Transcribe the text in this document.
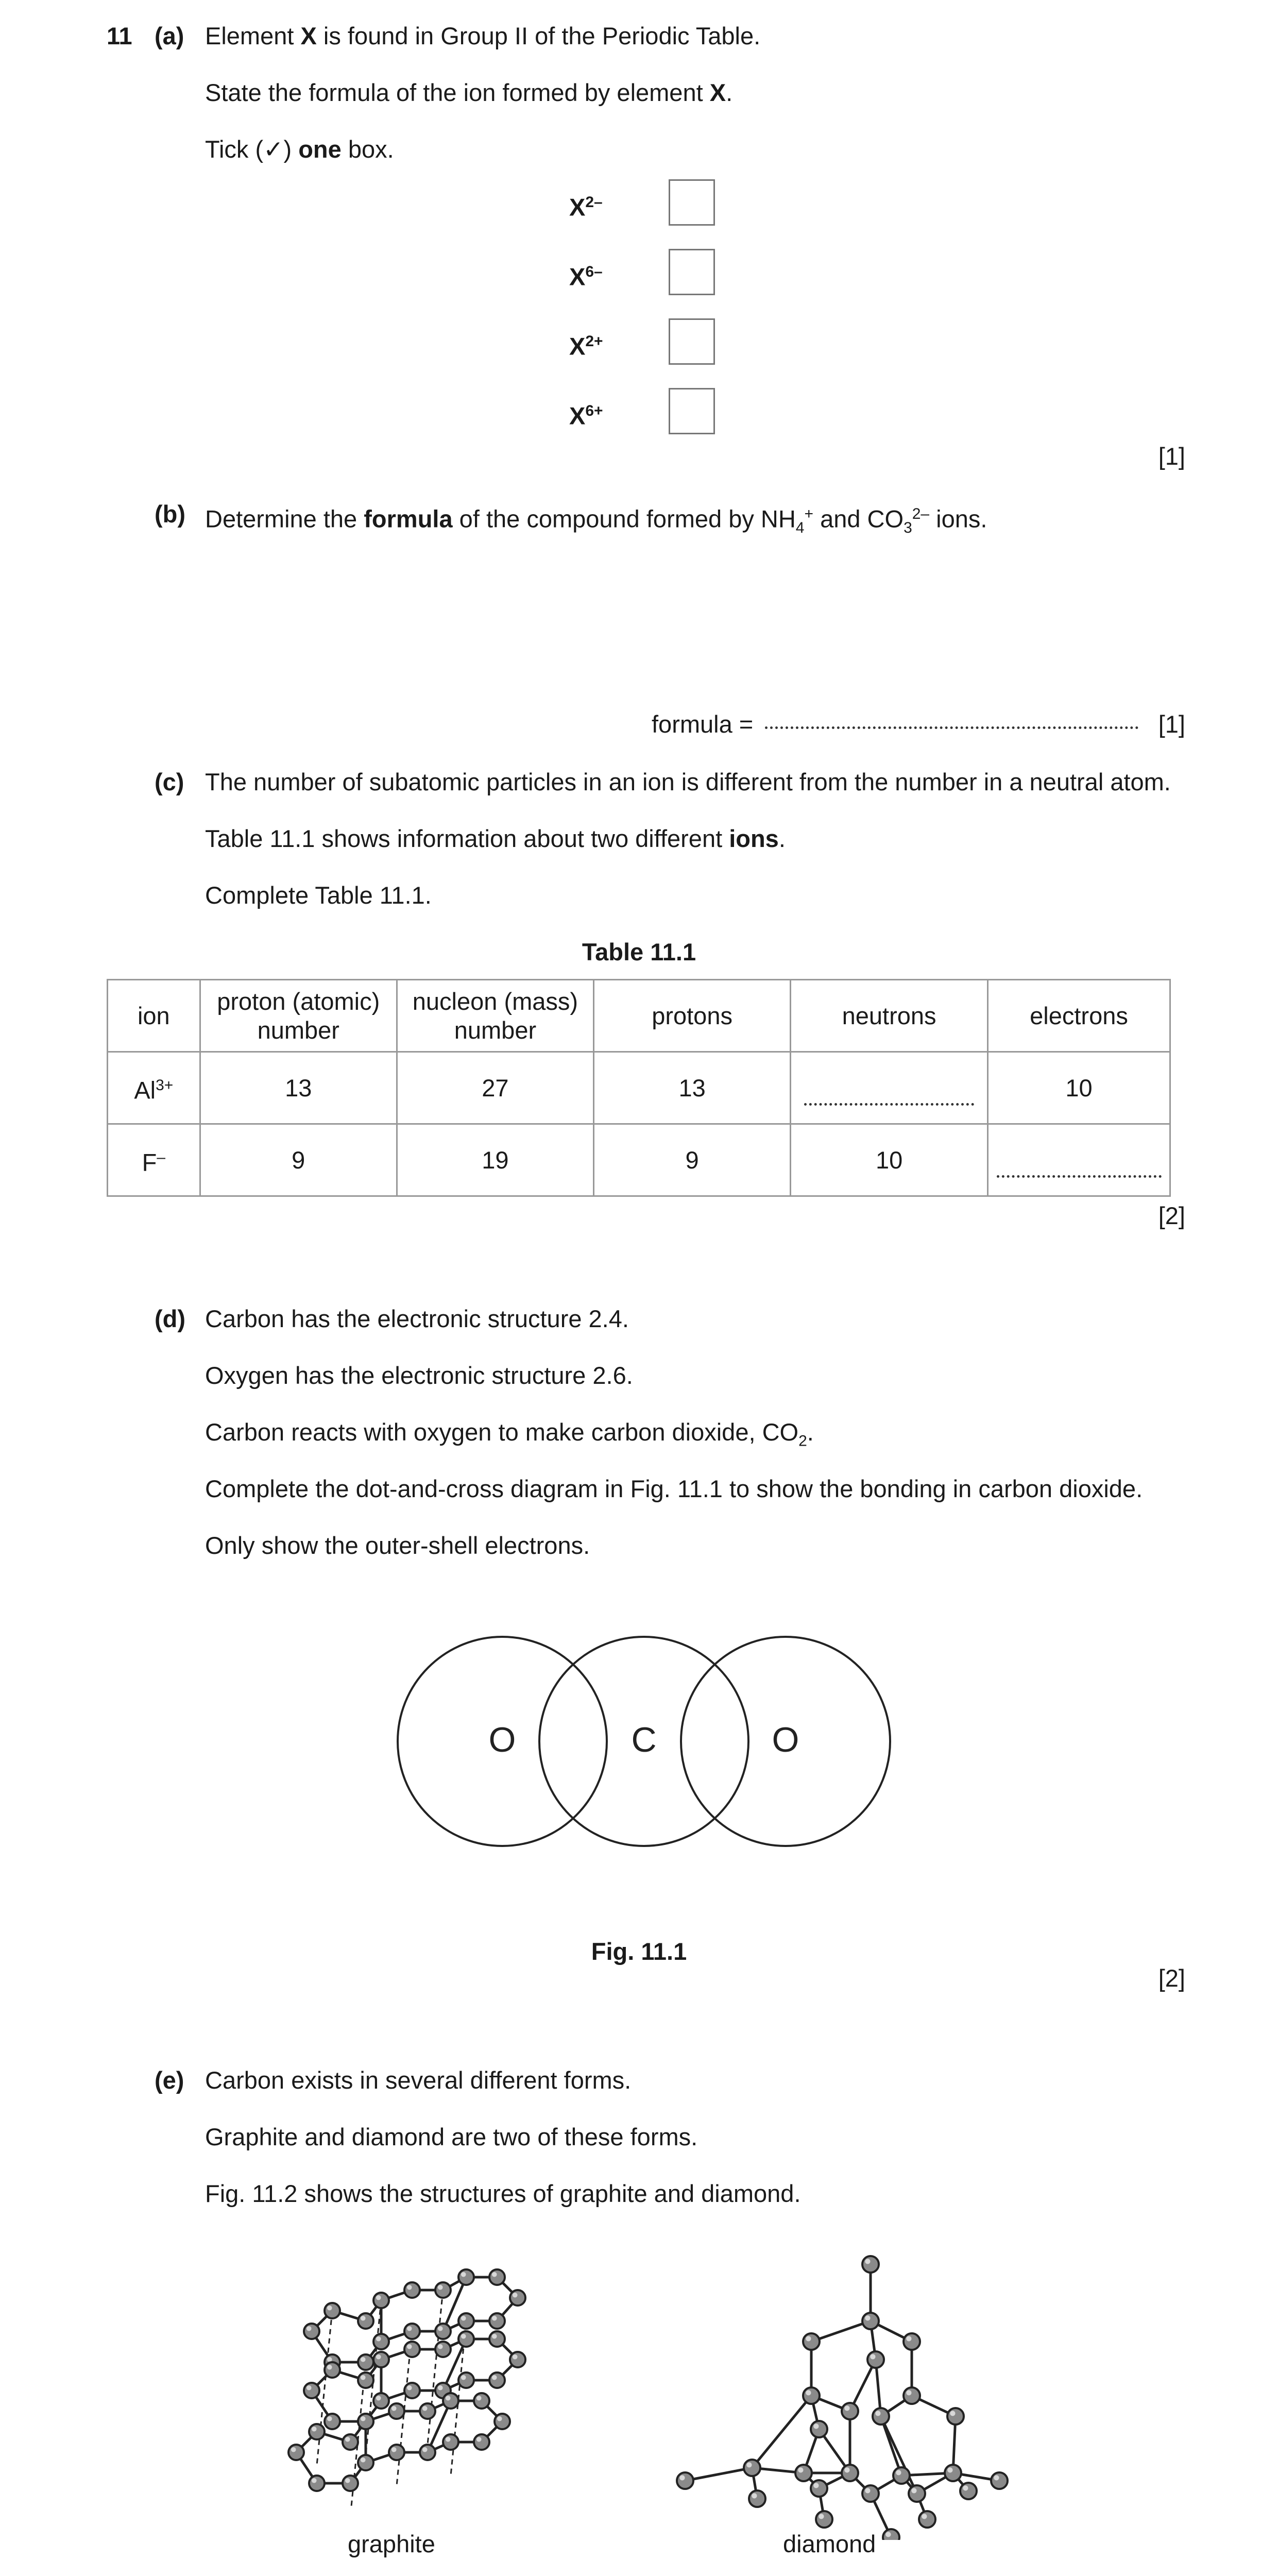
11 (a) Element X is found in Group II of the Periodic Table.
State the formula of the ion formed by element X.
Tick (✓) one box.
$X^{2-}$
$X^{6-}$
$X^{2+}$
$X^{6+}$
[1]
(b) Determine the formula of the compound formed by $NH_4^+$ and $CO_3^{2-}$ ions.
formula =	[1]
(c) The number of subatomic particles in an ion is different from the number in a neutral atom.
Table 11.1 shows information about two different ions.
Complete Table 11.1.
Table 11.1
ion	proton (atomic) number	nucleon (mass) number	protons	neutrons	electrons
$Al^{3+}$	13	27	13		10
F–	9	19	9	10	
[2]
(d) Carbon has the electronic structure 2.4.
Oxygen has the electronic structure 2.6.
Carbon reacts with oxygen to make carbon dioxide, $CO_2$.
Complete the dot-and-cross diagram in Fig. 11.1 to show the bonding in carbon dioxide.
Only show the outer-shell electrons.
O	C	O
Fig. 11.1
[2]
(e) Carbon exists in several different forms.
Graphite and diamond are two of these forms.
Fig. 11.2 shows the structures of graphite and diamond.
graphite	diamond
